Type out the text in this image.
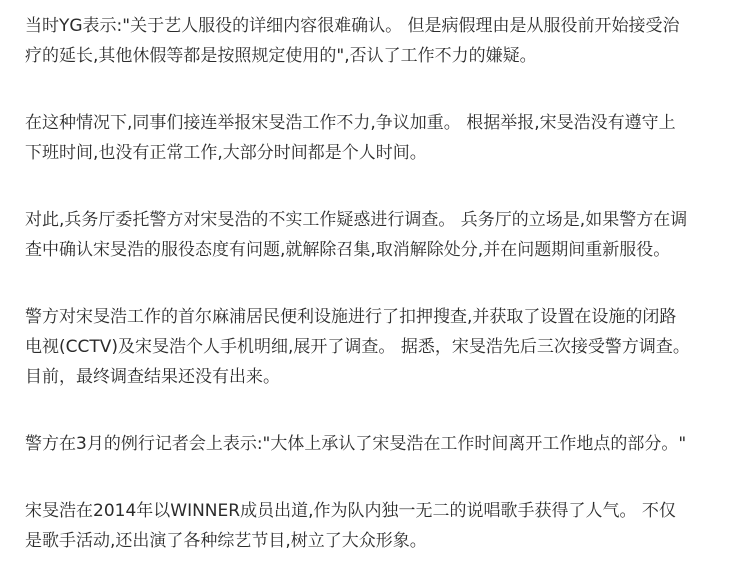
当时YG表示:"关于艺人服役的详细内容很难确认。 但是病假理由是从服役前开始接受治
疗的延长,其他休假等都是按照规定使用的",否认了工作不力的嫌疑。

在这种情况下,同事们接连举报宋旻浩工作不力,争议加重。 根据举报,宋旻浩没有遵守上
下班时间,也没有正常工作,大部分时间都是个人时间。

对此,兵务厅委托警方对宋旻浩的不实工作疑惑进行调查。 兵务厅的立场是,如果警方在调
查中确认宋旻浩的服役态度有问题,就解除召集,取消解除处分,并在问题期间重新服役。

警方对宋旻浩工作的首尔麻浦居民便利设施进行了扣押搜查,并获取了设置在设施的闭路
电视(CCTV)及宋旻浩个人手机明细,展开了调查。 据悉，宋旻浩先后三次接受警方调查。
目前，最终调查结果还没有出来。

警方在3月的例行记者会上表示:"大体上承认了宋旻浩在工作时间离开工作地点的部分。"

宋旻浩在2014年以WINNER成员出道,作为队内独一无二的说唱歌手获得了人气。 不仅
是歌手活动,还出演了各种综艺节目,树立了大众形象。
